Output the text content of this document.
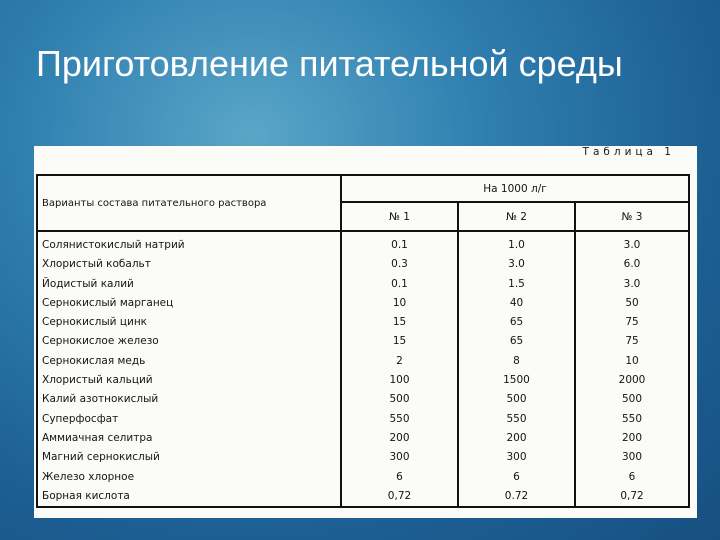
Приготовление питательной среды
Таблица 1
Варианты состава питательного раствора	На 1000 л/г		
	№ 1	№ 2	№ 3
Солянистокислый натрий	0.1	1.0	3.0
Хлористый кобальт	0.3	3.0	6.0
Йодистый калий	0.1	1.5	3.0
Сернокислый марганец	10	40	50
Сернокислый цинк	15	65	75
Сернокислое железо	15	65	75
Сернокислая медь	2	8	10
Хлористый кальций	100	1500	2000
Калий азотнокислый	500	500	500
Суперфосфат	550	550	550
Аммиачная селитра	200	200	200
Магний сернокислый	300	300	300
Железо хлорное	6	6	6
Борная кислота	0,72	0.72	0,72
